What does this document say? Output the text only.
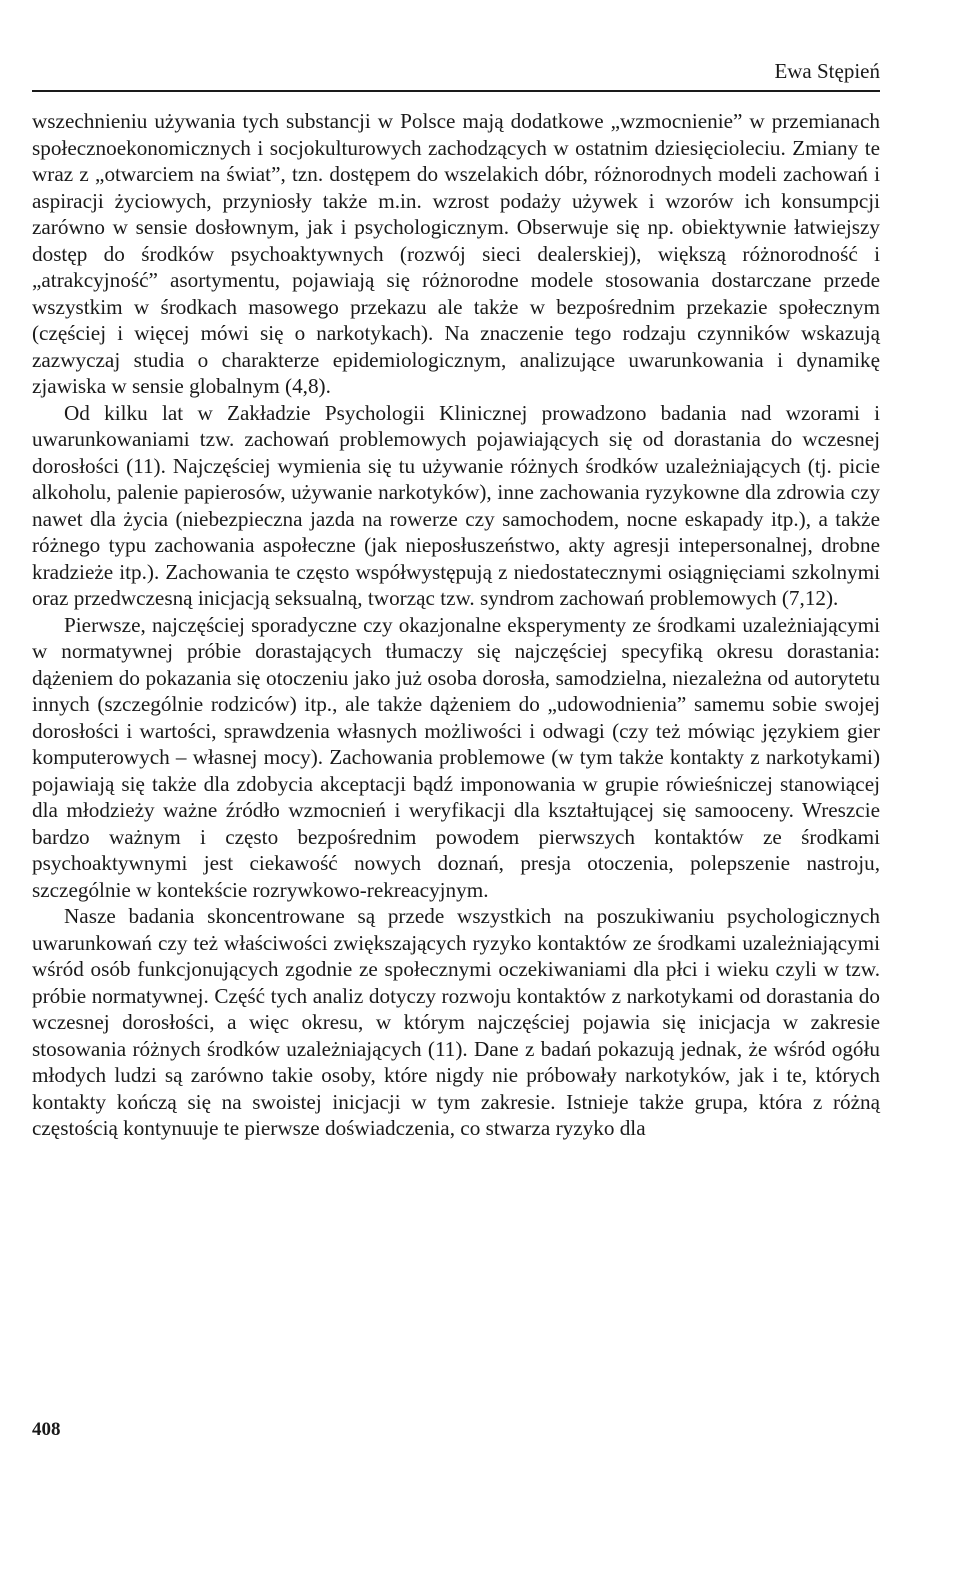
Ewa Stępień

wszechnieniu używania tych substancji w Polsce mają dodatkowe „wzmocnienie” w przemianach społecznoekonomicznych i socjokulturowych zachodzących w ostatnim dziesięcioleciu. Zmiany te wraz z „otwarciem na świat”, tzn. dostępem do wszelakich dóbr, różnorodnych modeli zachowań i aspiracji życiowych, przyniosły także m.in. wzrost podaży używek i wzorów ich konsumpcji zarówno w sensie dosłownym, jak i psychologicznym. Obserwuje się np. obiektywnie łatwiejszy dostęp do środków psychoaktywnych (rozwój sieci dealerskiej), większą różnorodność i „atrakcyjność” asortymentu, pojawiają się różnorodne modele stosowania dostarczane przede wszystkim w środkach masowego przekazu ale także w bezpośrednim przekazie społecznym (częściej i więcej mówi się o narkotykach). Na znaczenie tego rodzaju czynników wskazują zazwyczaj studia o charakterze epidemiologicznym, analizujące uwarunkowania i dynamikę zjawiska w sensie globalnym (4,8).

Od kilku lat w Zakładzie Psychologii Klinicznej prowadzono badania nad wzorami i uwarunkowaniami tzw. zachowań problemowych pojawiających się od dorastania do wczesnej dorosłości (11). Najczęściej wymienia się tu używanie różnych środków uzależniających (tj. picie alkoholu, palenie papierosów, używanie narkotyków), inne zachowania ryzykowne dla zdrowia czy nawet dla życia (niebezpieczna jazda na rowerze czy samochodem, nocne eskapady itp.), a także różnego typu zachowania aspołeczne (jak nieposłuszeństwo, akty agresji intepersonalnej, drobne kradzieże itp.). Zachowania te często współwystępują z niedostatecznymi osiągnięciami szkolnymi oraz przedwczesną inicjacją seksualną, tworząc tzw. syndrom zachowań problemowych (7,12).

Pierwsze, najczęściej sporadyczne czy okazjonalne eksperymenty ze środkami uzależniającymi w normatywnej próbie dorastających tłumaczy się najczęściej specyfiką okresu dorastania: dążeniem do pokazania się otoczeniu jako już osoba dorosła, samodzielna, niezależna od autorytetu innych (szczególnie rodziców) itp., ale także dążeniem do „udowodnienia” samemu sobie swojej dorosłości i wartości, sprawdzenia własnych możliwości i odwagi (czy też mówiąc językiem gier komputerowych – własnej mocy). Zachowania problemowe (w tym także kontakty z narkotykami) pojawiają się także dla zdobycia akceptacji bądź imponowania w grupie rówieśniczej stanowiącej dla młodzieży ważne źródło wzmocnień i weryfikacji dla kształtującej się samooceny. Wreszcie bardzo ważnym i często bezpośrednim powodem pierwszych kontaktów ze środkami psychoaktywnymi jest ciekawość nowych doznań, presja otoczenia, polepszenie nastroju, szczególnie w kontekście rozrywkowo-rekreacyjnym.

Nasze badania skoncentrowane są przede wszystkich na poszukiwaniu psychologicznych uwarunkowań czy też właściwości zwiększających ryzyko kontaktów ze środkami uzależniającymi wśród osób funkcjonujących zgodnie ze społecznymi oczekiwaniami dla płci i wieku czyli w tzw. próbie normatywnej. Część tych analiz dotyczy rozwoju kontaktów z narkotykami od dorastania do wczesnej dorosłości, a więc okresu, w którym najczęściej pojawia się inicjacja w zakresie stosowania różnych środków uzależniających (11). Dane z badań pokazują jednak, że wśród ogółu młodych ludzi są zarówno takie osoby, które nigdy nie próbowały narkotyków, jak i te, których kontakty kończą się na swoistej inicjacji w tym zakresie. Istnieje także grupa, która z różną częstością kontynuuje te pierwsze doświadczenia, co stwarza ryzyko dla

408
